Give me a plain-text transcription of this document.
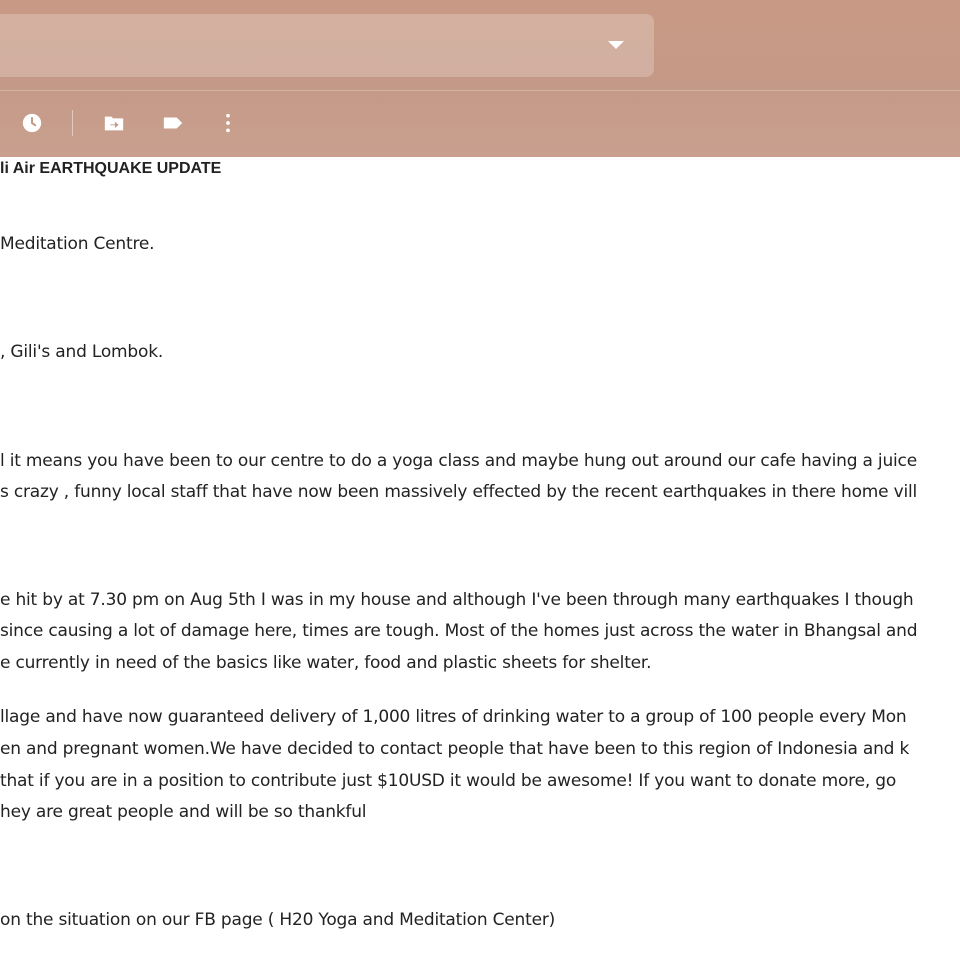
li Air EARTHQUAKE UPDATE
Meditation Centre.
, Gili's and Lombok.
l it means you have been to our centre to do a yoga class and maybe hung out around our cafe having a juice
s crazy , funny local staff that have now been massively effected by the recent earthquakes in there home vill
e hit by at 7.30 pm on Aug 5th I was in my house and although I've been through many earthquakes I though
since causing a lot of damage here, times are tough. Most of the homes just across the water in Bhangsal and
e currently in need of the basics like water, food and plastic sheets for shelter.
llage and have now guaranteed delivery of 1,000 litres of drinking water to a group of 100 people every Mon
en and pregnant women.We have decided to contact people that have been to this region of Indonesia and k
that if you are in a position to contribute just $10USD it would be awesome! If you want to donate more, go
hey are great people and will be so thankful
on the situation on our FB page ( H20 Yoga and Meditation Center)
